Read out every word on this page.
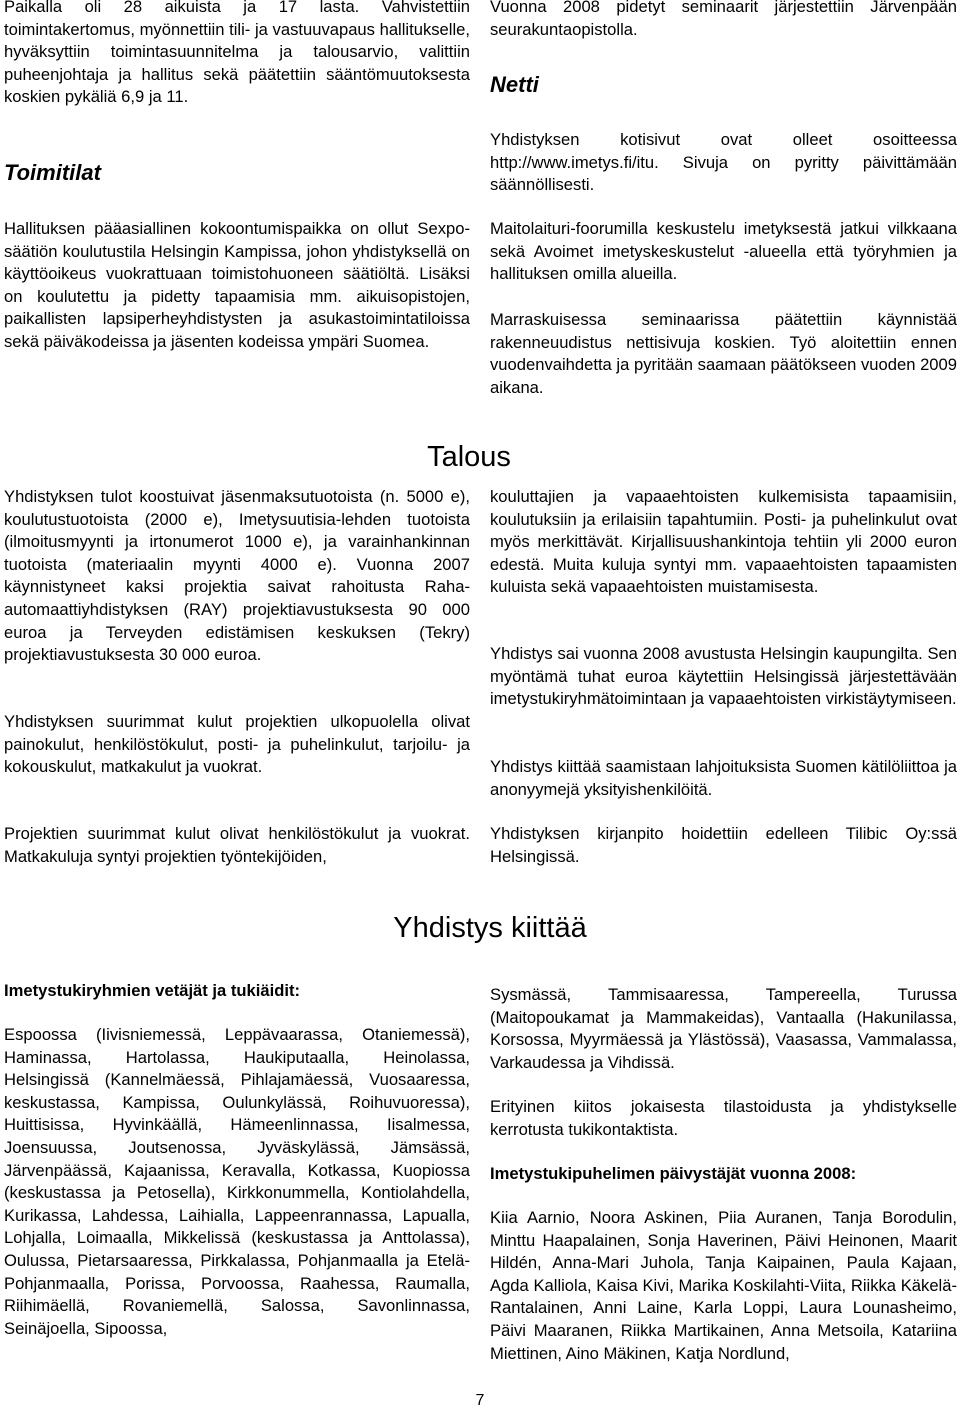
Paikalla oli 28 aikuista ja 17 lasta. Vahvistettiin toimintakertomus, myönnettiin tili- ja vastuuvapaus hallitukselle, hyväksyttiin toimintasuunnitelma ja talousarvio, valittiin puheenjohtaja ja hallitus sekä päätettiin sääntömuutoksesta koskien pykäliä 6,9 ja 11.

Toimitilat

Hallituksen pääasiallinen kokoontumispaikka on ollut Sexpo-säätiön koulutustila Helsingin Kampissa, johon yhdistyksellä on käyttöoikeus vuokrattuaan toimistohuoneen säätiöltä. Lisäksi on koulutettu ja pidetty tapaamisia mm. aikuisopistojen, paikallisten lapsiperheyhdistysten ja asukastoimintatiloissa sekä päiväkodeissa ja jäsenten kodeissa ympäri Suomea.

Vuonna 2008 pidetyt seminaarit järjestettiin Järvenpään seurakuntaopistolla.

Netti

Yhdistyksen kotisivut ovat olleet osoitteessa http://www.imetys.fi/itu. Sivuja on pyritty päivittämään säännöllisesti.

Maitolaituri-foorumilla keskustelu imetyksestä jatkui vilkkaana sekä Avoimet imetyskeskustelut -alueella että työryhmien ja hallituksen omilla alueilla.

Marraskuisessa seminaarissa päätettiin käynnistää rakenneuudistus nettisivuja koskien. Työ aloitettiin ennen vuodenvaihdetta ja pyritään saamaan päätökseen vuoden 2009 aikana.

Talous

Yhdistyksen tulot koostuivat jäsenmaksutuotoista (n. 5000 e), koulutustuotoista (2000 e), Imetysuutisia-lehden tuotoista (ilmoitusmyynti ja irtonumerot 1000 e), ja varainhankinnan tuotoista (materiaalin myynti 4000 e). Vuonna 2007 käynnistyneet kaksi projektia saivat rahoitusta Raha-automaattiyhdistyksen (RAY) projektiavustuksesta 90 000 euroa ja Terveyden edistämisen keskuksen (Tekry) projektiavustuksesta 30 000 euroa.

Yhdistyksen suurimmat kulut projektien ulkopuolella olivat painokulut, henkilöstökulut, posti- ja puhelinkulut, tarjoilu- ja kokouskulut, matkakulut ja vuokrat.

Projektien suurimmat kulut olivat henkilöstökulut ja vuokrat. Matkakuluja syntyi projektien työntekijöiden,

kouluttajien ja vapaaehtoisten kulkemisista tapaamisiin, koulutuksiin ja erilaisiin tapahtumiin. Posti- ja puhelinkulut ovat myös merkittävät. Kirjallisuushankintoja tehtiin yli 2000 euron edestä. Muita kuluja syntyi mm. vapaaehtoisten tapaamisten kuluista sekä vapaaehtoisten muistamisesta.

Yhdistys sai vuonna 2008 avustusta Helsingin kaupungilta. Sen myöntämä tuhat euroa käytettiin Helsingissä järjestettävään imetystukiryhmätoimintaan ja vapaaehtoisten virkistäytymiseen.

Yhdistys kiittää saamistaan lahjoituksista Suomen kätilöliittoa ja anonyymejä yksityishenkilöitä.

Yhdistyksen kirjanpito hoidettiin edelleen Tilibic Oy:ssä Helsingissä.

Yhdistys kiittää

Imetystukiryhmien vetäjät ja tukiäidit:

Espoossa (Iivisniemessä, Leppävaarassa, Otaniemessä), Haminassa, Hartolassa, Haukiputaalla, Heinolassa, Helsingissä (Kannelmäessä, Pihlajamäessä, Vuosaaressa, keskustassa, Kampissa, Oulunkylässä, Roihuvuoressa), Huittisissa, Hyvinkäällä, Hämeenlinnassa, Iisalmessa, Joensuussa, Joutsenossa, Jyväskylässä, Jämsässä, Järvenpäässä, Kajaanissa, Keravalla, Kotkassa, Kuopiossa (keskustassa ja Petosella), Kirkkonummella, Kontiolahdella, Kurikassa, Lahdessa, Laihialla, Lappeenrannassa, Lapualla, Lohjalla, Loimaalla, Mikkelissä (keskustassa ja Anttolassa), Oulussa, Pietarsaaressa, Pirkkalassa, Pohjanmaalla ja Etelä-Pohjanmaalla, Porissa, Porvoossa, Raahessa, Raumalla, Riihimäellä, Rovaniemellä, Salossa, Savonlinnassa, Seinäjoella, Sipoossa,

Sysmässä, Tammisaaressa, Tampereella, Turussa (Maitopoukamat ja Mammakeidas), Vantaalla (Hakunilassa, Korsossa, Myyrmäessä ja Ylästössä), Vaasassa, Vammalassa, Varkaudessa ja Vihdissä.

Erityinen kiitos jokaisesta tilastoidusta ja yhdistykselle kerrotusta tukikontaktista.

Imetystukipuhelimen päivystäjät vuonna 2008:

Kiia Aarnio, Noora Askinen, Piia Auranen, Tanja Borodulin, Minttu Haapalainen, Sonja Haverinen, Päivi Heinonen, Maarit Hildén, Anna-Mari Juhola, Tanja Kaipainen, Paula Kajaan, Agda Kalliola, Kaisa Kivi, Marika Koskilahti-Viita, Riikka Käkelä-Rantalainen, Anni Laine, Karla Loppi, Laura Lounasheimo, Päivi Maaranen, Riikka Martikainen, Anna Metsoila, Katariina Miettinen, Aino Mäkinen, Katja Nordlund,

7
